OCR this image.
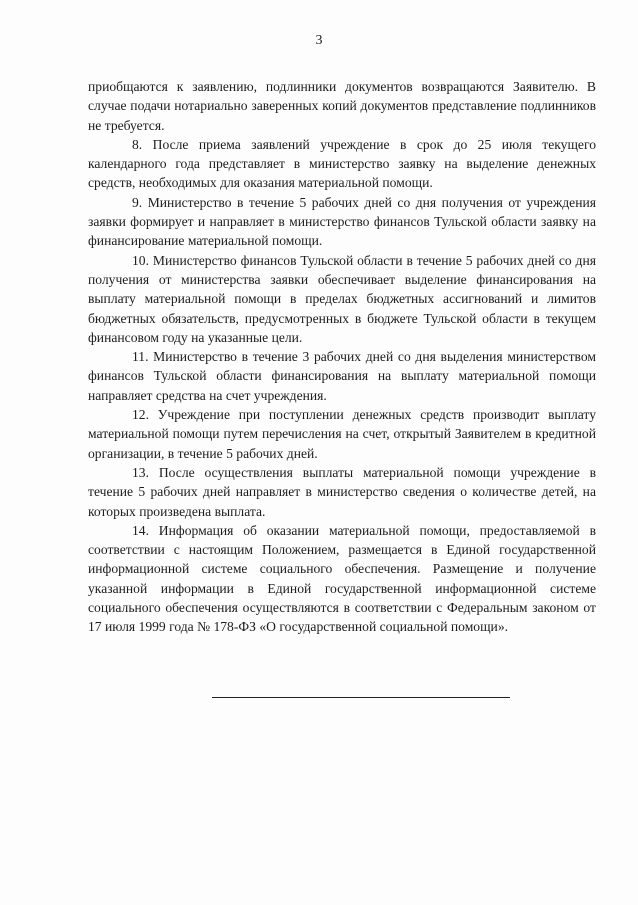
3

приобщаются к заявлению, подлинники документов возвращаются Заявителю. В случае подачи нотариально заверенных копий документов представление подлинников не требуется.

8. После приема заявлений учреждение в срок до 25 июля текущего календарного года представляет в министерство заявку на выделение денежных средств, необходимых для оказания материальной помощи.

9. Министерство в течение 5 рабочих дней со дня получения от учреждения заявки формирует и направляет в министерство финансов Тульской области заявку на финансирование материальной помощи.

10. Министерство финансов Тульской области в течение 5 рабочих дней со дня получения от министерства заявки обеспечивает выделение финансирования на выплату материальной помощи в пределах бюджетных ассигнований и лимитов бюджетных обязательств, предусмотренных в бюджете Тульской области в текущем финансовом году на указанные цели.

11. Министерство в течение 3 рабочих дней со дня выделения министерством финансов Тульской области финансирования на выплату материальной помощи направляет средства на счет учреждения.

12. Учреждение при поступлении денежных средств производит выплату материальной помощи путем перечисления на счет, открытый Заявителем в кредитной организации, в течение 5 рабочих дней.

13. После осуществления выплаты материальной помощи учреждение в течение 5 рабочих дней направляет в министерство сведения о количестве детей, на которых произведена выплата.

14. Информация об оказании материальной помощи, предоставляемой в соответствии с настоящим Положением, размещается в Единой государственной информационной системе социального обеспечения. Размещение и получение указанной информации в Единой государственной информационной системе социального обеспечения осуществляются в соответствии с Федеральным законом от 17 июля 1999 года № 178-ФЗ «О государственной социальной помощи».
